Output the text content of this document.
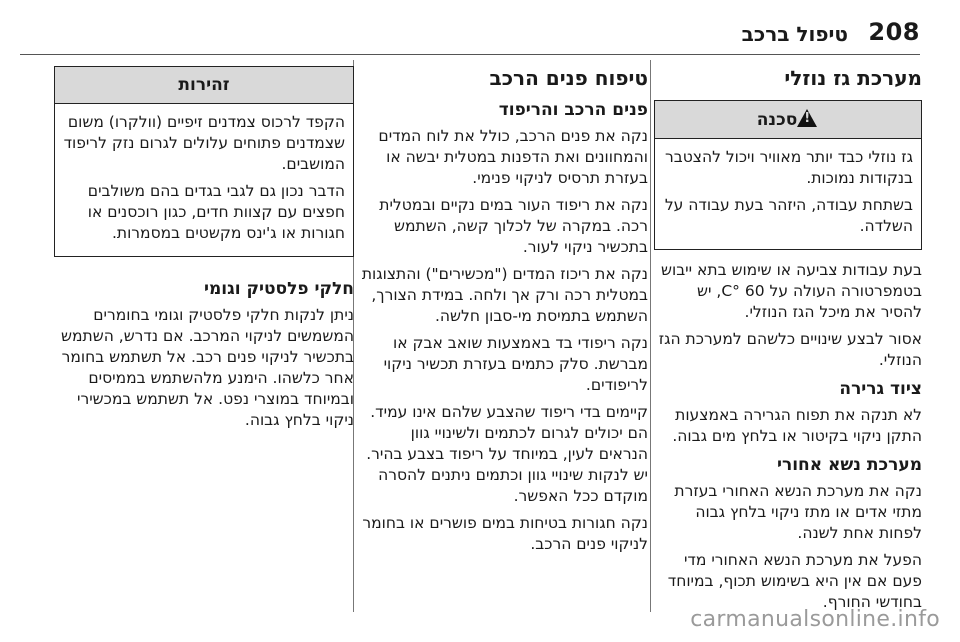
208
טיפול ברכב
מערכת גז נוזלי
!סכנה

גז נוזלי כבד יותר מאוויר ויכול להצטבר בנקודות נמוכות.

בשתחת עבודה, היזהר בעת עבודה על השלדה.

בעת עבודות צביעה או שימוש בתא ייבוש בטמפרטורה העולה על 60 °C, יש להסיר את מיכל הגז הנוזלי.

אסור לבצע שינויים כלשהם למערכת הגז הנוזלי.

ציוד גרירה

לא תנקה את תפוח הגרירה באמצעות התקן ניקוי בקיטור או בלחץ מים גבוה.

מערכת נשא אחורי

נקה את מערכת הנשא האחורי בעזרת מתזי אדים או מתז ניקוי בלחץ גבוה לפחות אחת לשנה.

הפעל את מערכת הנשא האחורי מדי פעם אם אין היא בשימוש תכוף, במיוחד בחודשי החורף.

טיפוח פנים הרכב
פנים הרכב והריפוד

נקה את פנים הרכב, כולל את לוח המדים והמחוונים ואת הדפנות במטלית יבשה או בעזרת תרסיס לניקוי פנימי.

נקה את ריפוד העור במים נקיים ובמטלית רכה. במקרה של לכלוך קשה, השתמש בתכשיר ניקוי לעור.

נקה את ריכוז המדים ("מכשירים") והתצוגות במטלית רכה ורק אך ולחה. במידת הצורך, השתמש בתמיסת מי-סבון חלשה.

נקה ריפודי בד באמצעות שואב אבק או מברשת. סלק כתמים בעזרת תכשיר ניקוי לריפודים.

קיימים בדי ריפוד שהצבע שלהם אינו עמיד. הם יכולים לגרום לכתמים ולשינויי גוון הנראים לעין, במיוחד על ריפוד בצבע בהיר. יש לנקות שינויי גוון וכתמים ניתנים להסרה מוקדם ככל האפשר.

נקה חגורות בטיחות במים פושרים או בחומר לניקוי פנים הרכב.

זהירות

הקפד לרכוס צמדנים זיפיים (וולקרו) משום שצמדנים פתוחים עלולים לגרום נזק לריפוד המושבים.

הדבר נכון גם לגבי בגדים בהם משולבים חפצים עם קצוות חדים, כגון רוכסנים או חגורות או ג'ינס מקשטים במסמרות.

חלקי פלסטיק וגומי

ניתן לנקות חלקי פלסטיק וגומי בחומרים המשמשים לניקוי המרכב. אם נדרש, השתמש בתכשיר לניקוי פנים רכב. אל תשתמש בחומר אחר כלשהו. הימנע מלהשתמש בממיסים ובמיוחד במוצרי נפט. אל תשתמש במכשירי ניקוי בלחץ גבוה.

carmanualsonline.info
